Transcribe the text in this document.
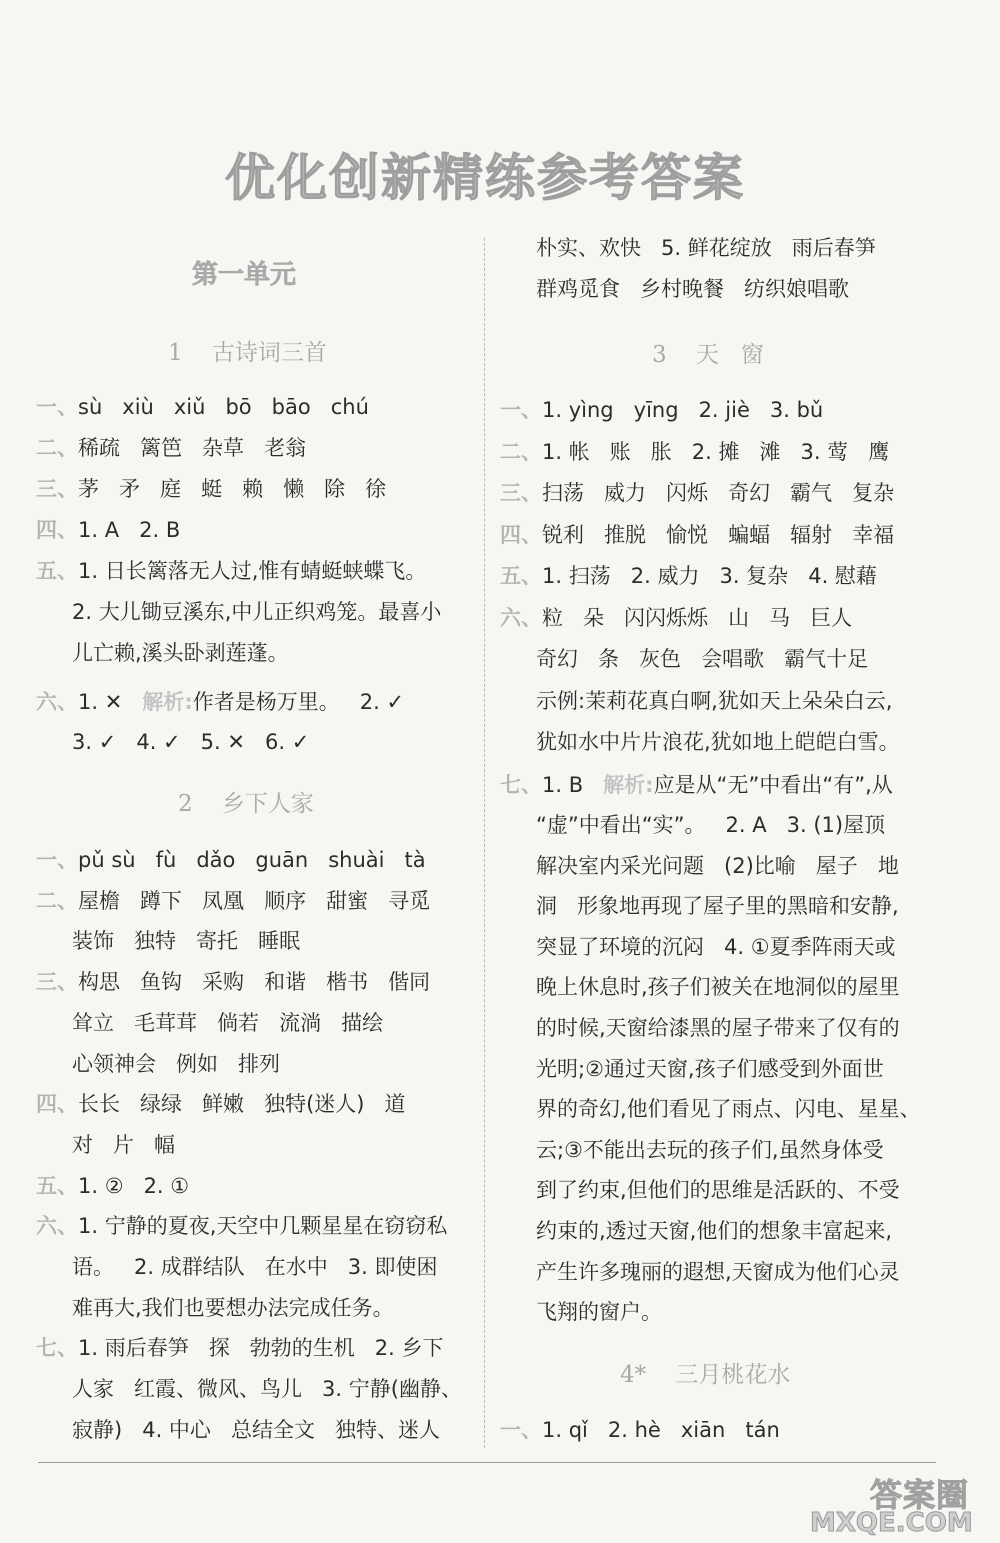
优化创新精练参考答案
第一单元
1 古诗词三首
一、sù   xiù   xiǔ   bō   bāo   chú
二、稀疏   篱笆   杂草   老翁
三、茅   矛   庭   蜓   赖   懒   除   徐
四、1. A   2. B
五、1. 日长篱落无人过,惟有蜻蜓蛱蝶飞。
2. 大儿锄豆溪东,中儿正织鸡笼。最喜小
儿亡赖,溪头卧剥莲蓬。
六、1. ✕   解析:作者是杨万里。   2. ✓
3. ✓   4. ✓   5. ✕   6. ✓
2 乡下人家
一、pǔ sù   fù   dǎo   guān   shuài   tà
二、屋檐   蹲下   凤凰   顺序   甜蜜   寻觅
装饰   独特   寄托   睡眠
三、构思   鱼钩   采购   和谐   楷书   偕同
耸立   毛茸茸   倘若   流淌   描绘
心领神会   例如   排列
四、长长   绿绿   鲜嫩   独特(迷人)   道
对   片   幅
五、1. ②   2. ①
六、1. 宁静的夏夜,天空中几颗星星在窃窃私
语。   2. 成群结队   在水中   3. 即使困
难再大,我们也要想办法完成任务。
七、1. 雨后春笋   探   勃勃的生机   2. 乡下
人家   红霞、微风、鸟儿   3. 宁静(幽静、
寂静)   4. 中心   总结全文   独特、迷人
朴实、欢快   5. 鲜花绽放   雨后春笋
群鸡觅食   乡村晚餐   纺织娘唱歌
3 天   窗
一、1. yìng   yīng   2. jiè   3. bǔ
二、1. 帐   账   胀   2. 摊   滩   3. 莺   鹰
三、扫荡   威力   闪烁   奇幻   霸气   复杂
四、锐利   推脱   愉悦   蝙蝠   辐射   幸福
五、1. 扫荡   2. 威力   3. 复杂   4. 慰藉
六、粒   朵   闪闪烁烁   山   马   巨人
奇幻   条   灰色   会唱歌   霸气十足
示例:茉莉花真白啊,犹如天上朵朵白云,
犹如水中片片浪花,犹如地上皑皑白雪。
七、1. B   解析:应是从“无”中看出“有”,从
“虚”中看出“实”。   2. A   3. (1)屋顶
解决室内采光问题   (2)比喻   屋子   地
洞   形象地再现了屋子里的黑暗和安静,
突显了环境的沉闷   4. ①夏季阵雨天或
晚上休息时,孩子们被关在地洞似的屋里
的时候,天窗给漆黑的屋子带来了仅有的
光明;②通过天窗,孩子们感受到外面世
界的奇幻,他们看见了雨点、闪电、星星、
云;③不能出去玩的孩子们,虽然身体受
到了约束,但他们的思维是活跃的、不受
约束的,透过天窗,他们的想象丰富起来,
产生许多瑰丽的遐想,天窗成为他们心灵
飞翔的窗户。
4* 三月桃花水
一、1. qǐ   2. hè   xiān   tán
答案圈
MXQE.COM
